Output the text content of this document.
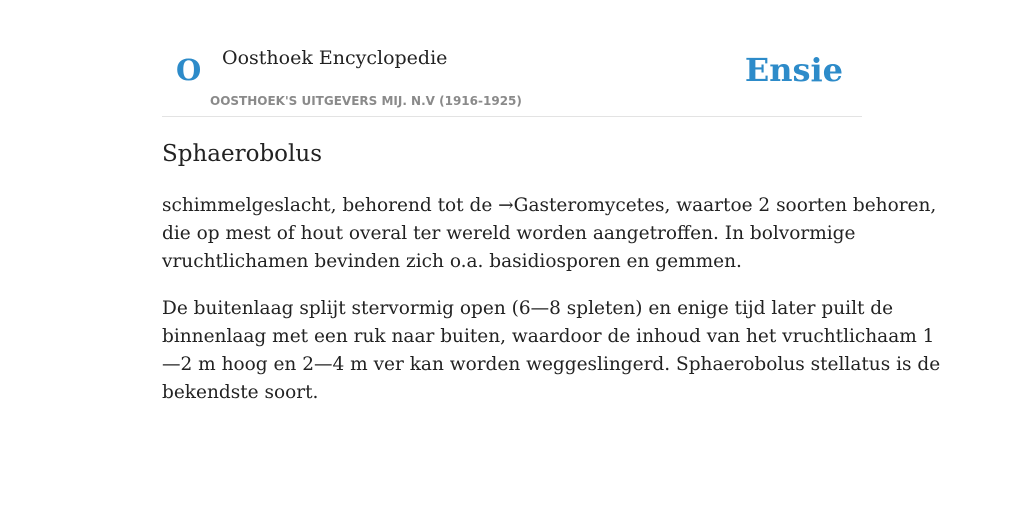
O Oosthoek Encyclopedie
OOSTHOEK'S UITGEVERS MIJ. N.V (1916-1925)
Ensie
Sphaerobolus

schimmelgeslacht, behorend tot de →Gasteromycetes, waartoe 2 soorten behoren,
die op mest of hout overal ter wereld worden aangetroffen. In bolvormige
vruchtlichamen bevinden zich o.a. basidiosporen en gemmen.

De buitenlaag splijt stervormig open (6—8 spleten) en enige tijd later puilt de
binnenlaag met een ruk naar buiten, waardoor de inhoud van het vruchtlichaam 1
—2 m hoog en 2—4 m ver kan worden weggeslingerd. Sphaerobolus stellatus is de
bekendste soort.
